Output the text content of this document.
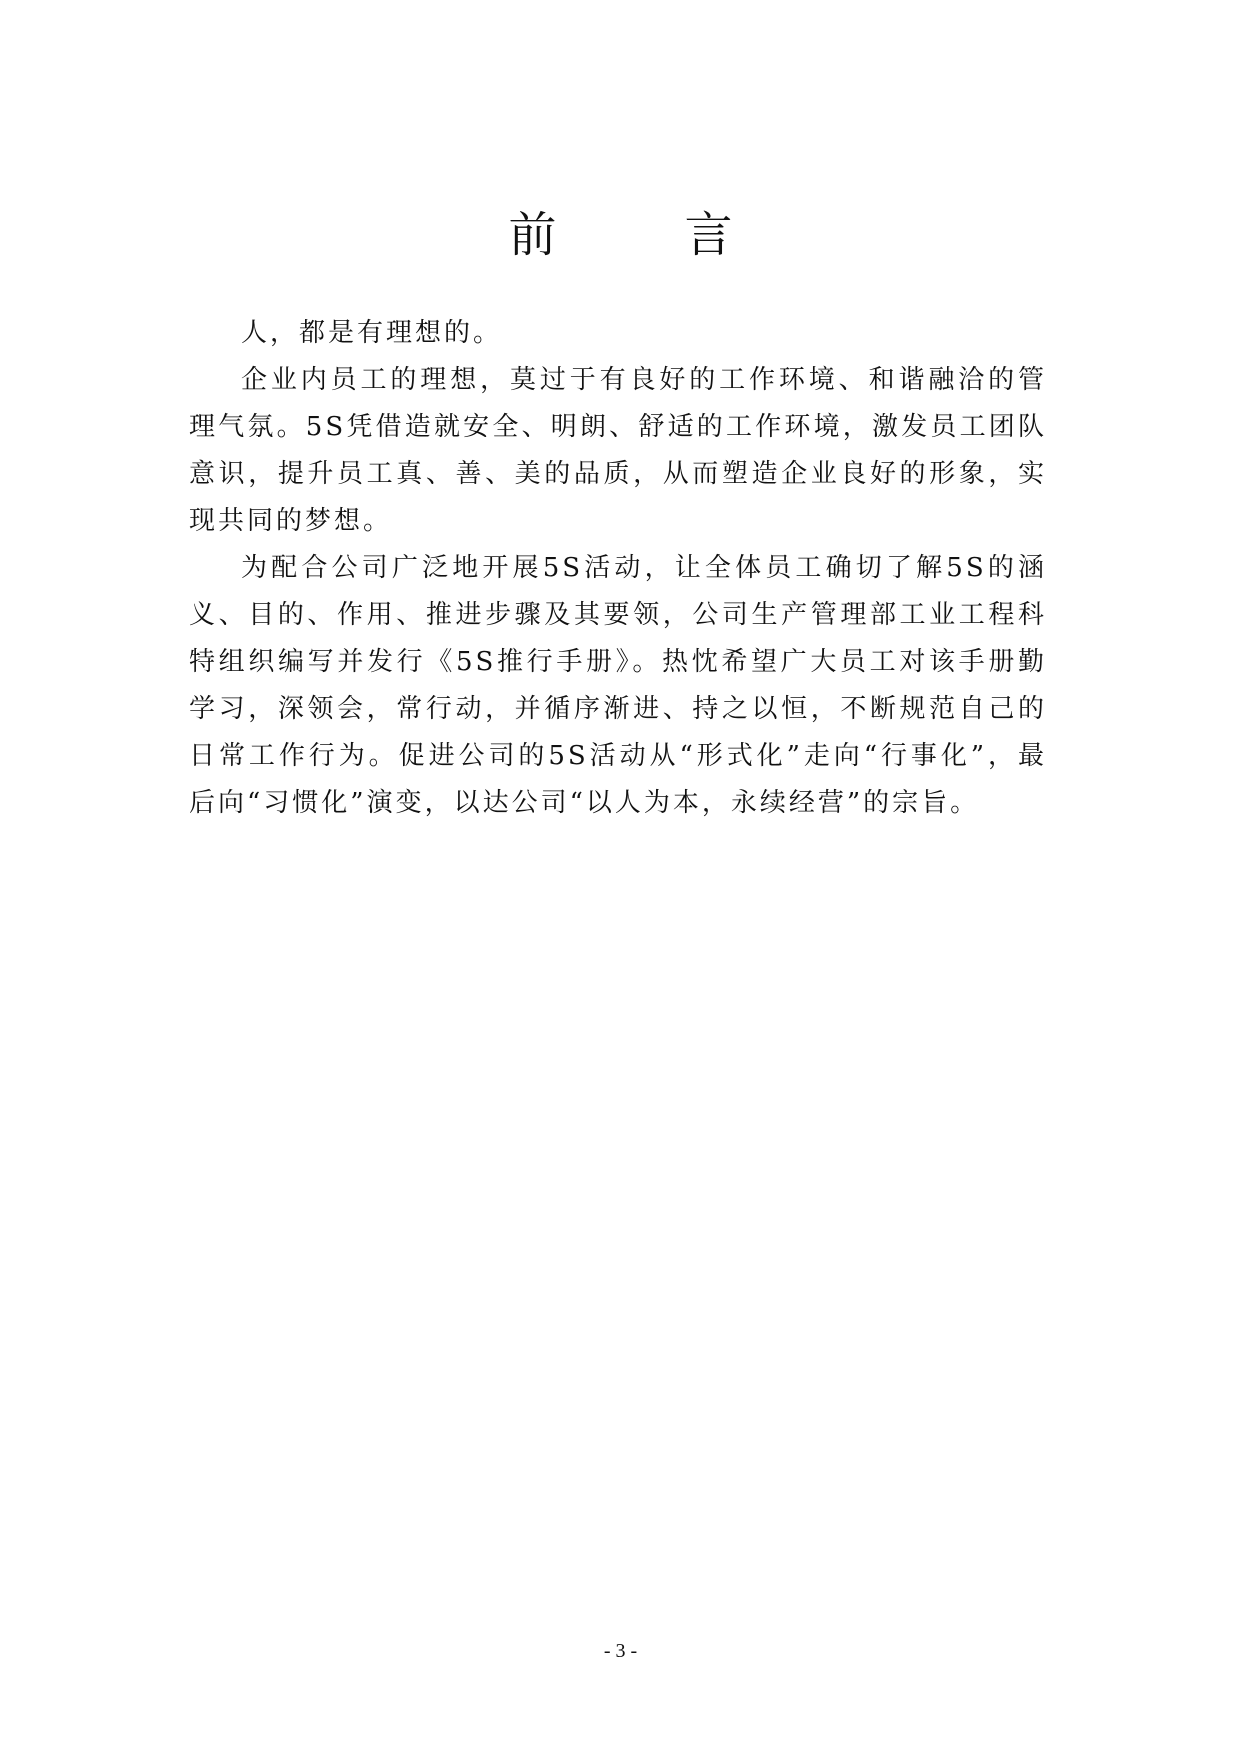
前　言

人，都是有理想的。

企业内员工的理想，莫过于有良好的工作环境、和谐融洽的管理气氛。5S凭借造就安全、明朗、舒适的工作环境，激发员工团队意识，提升员工真、善、美的品质，从而塑造企业良好的形象，实现共同的梦想。

为配合公司广泛地开展5S活动，让全体员工确切了解5S的涵义、目的、作用、推进步骤及其要领，公司生产管理部工业工程科特组织编写并发行《5S推行手册》。热忱希望广大员工对该手册勤学习，深领会，常行动，并循序渐进、持之以恒，不断规范自己的日常工作行为。促进公司的5S活动从“形式化”走向“行事化”，最后向“习惯化”演变，以达公司“以人为本，永续经营”的宗旨。

- 3 -
